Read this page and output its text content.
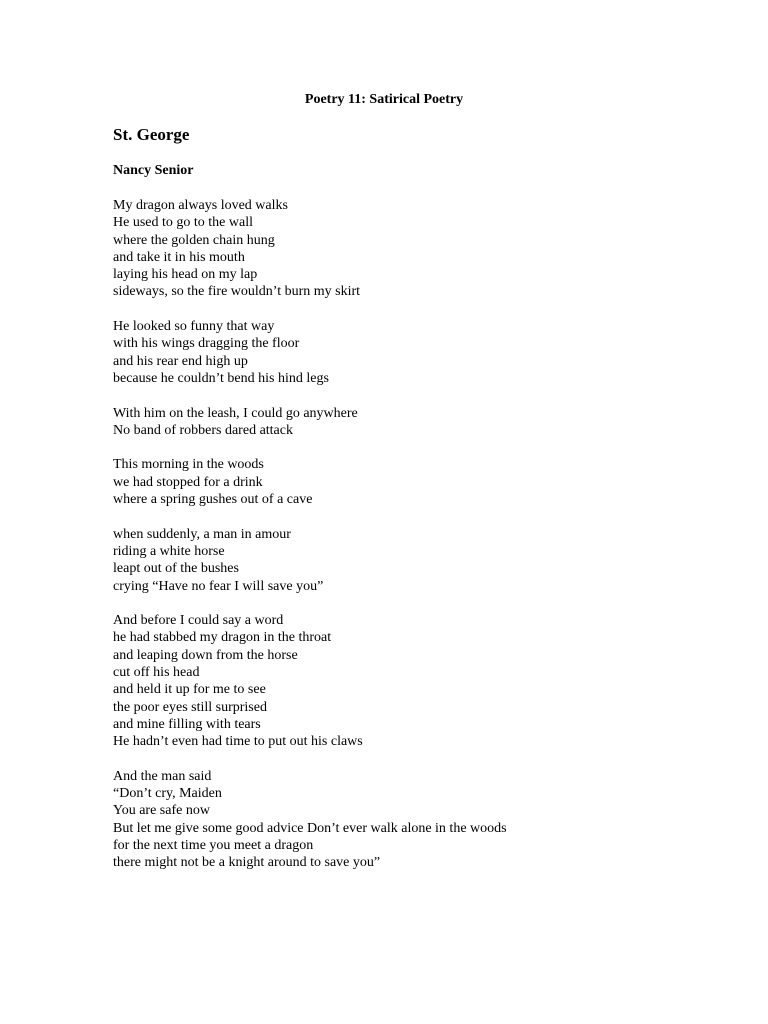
Poetry 11: Satirical Poetry
St. George
Nancy Senior
My dragon always loved walks
He used to go to the wall
where the golden chain hung
and take it in his mouth
laying his head on my lap
sideways, so the fire wouldn’t burn my skirt
He looked so funny that way
with his wings dragging the floor
and his rear end high up
because he couldn’t bend his hind legs
With him on the leash, I could go anywhere
No band of robbers dared attack
This morning in the woods
we had stopped for a drink
where a spring gushes out of a cave
when suddenly, a man in amour
riding a white horse
leapt out of the bushes
crying “Have no fear I will save you”
And before I could say a word
he had stabbed my dragon in the throat
and leaping down from the horse
cut off his head
and held it up for me to see
the poor eyes still surprised
and mine filling with tears
He hadn’t even had time to put out his claws
And the man said
“Don’t cry, Maiden
You are safe now
But let me give some good advice Don’t ever walk alone in the woods
for the next time you meet a dragon
there might not be a knight around to save you”
